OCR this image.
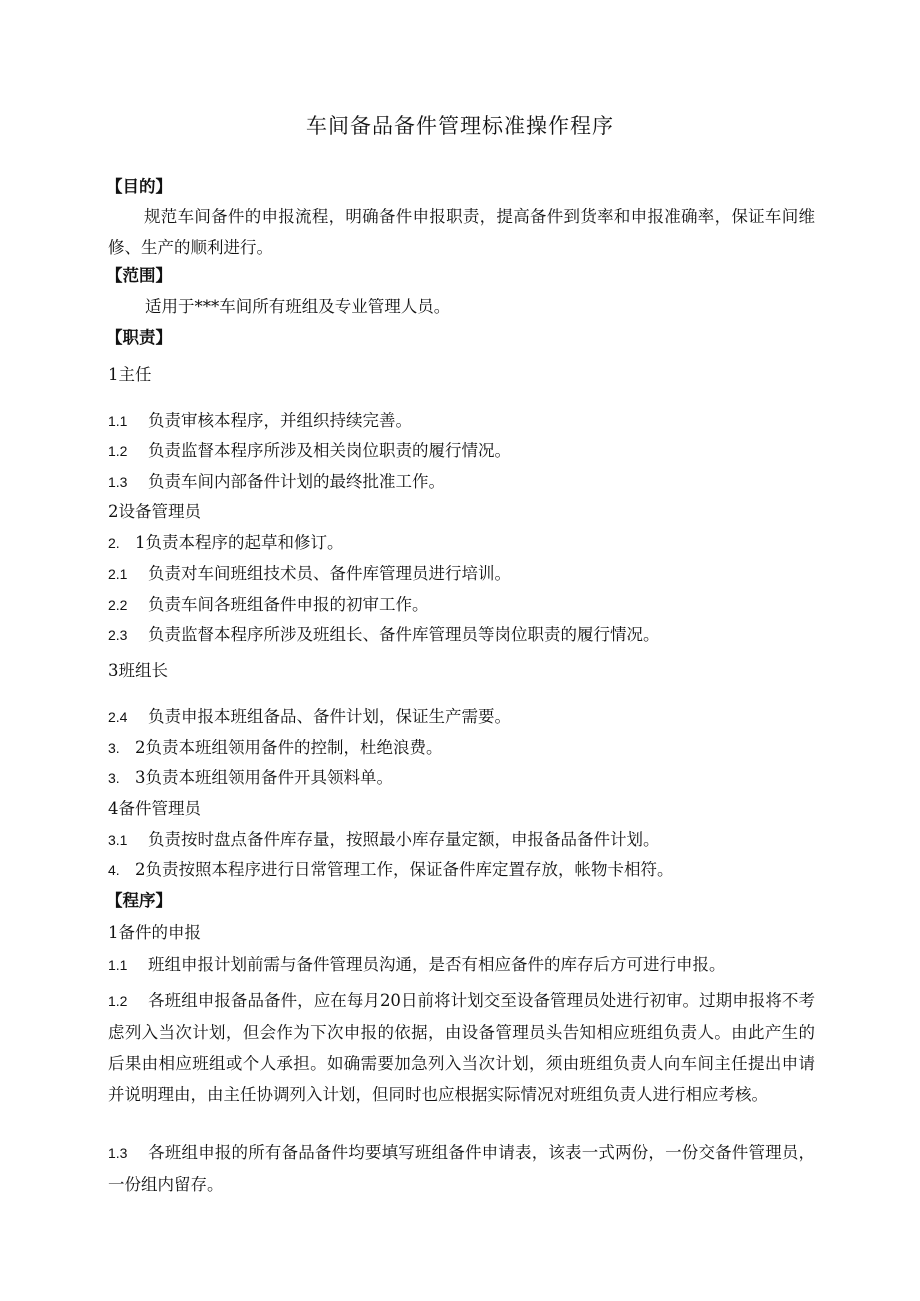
车间备品备件管理标准操作程序
【目的】
规范车间备件的申报流程，明确备件申报职责，提高备件到货率和申报准确率，保证车间维修、生产的顺利进行。
【范围】
适用于***车间所有班组及专业管理人员。
【职责】
1主任
1.1 负责审核本程序，并组织持续完善。
1.2 负责监督本程序所涉及相关岗位职责的履行情况。
1.3 负责车间内部备件计划的最终批准工作。
2设备管理员
2. 1负责本程序的起草和修订。
2.1 负责对车间班组技术员、备件库管理员进行培训。
2.2 负责车间各班组备件申报的初审工作。
2.3 负责监督本程序所涉及班组长、备件库管理员等岗位职责的履行情况。
3班组长
2.4 负责申报本班组备品、备件计划，保证生产需要。
3. 2负责本班组领用备件的控制，杜绝浪费。
3. 3负责本班组领用备件开具领料单。
4备件管理员
3.1 负责按时盘点备件库存量，按照最小库存量定额，申报备品备件计划。
4. 2负责按照本程序进行日常管理工作，保证备件库定置存放，帐物卡相符。
【程序】
1备件的申报
1.1 班组申报计划前需与备件管理员沟通，是否有相应备件的库存后方可进行申报。
1.2 各班组申报备品备件，应在每月20日前将计划交至设备管理员处进行初审。过期申报将不考虑列入当次计划，但会作为下次申报的依据，由设备管理员头告知相应班组负责人。由此产生的后果由相应班组或个人承担。如确需要加急列入当次计划，须由班组负责人向车间主任提出申请并说明理由，由主任协调列入计划，但同时也应根据实际情况对班组负责人进行相应考核。
1.3 各班组申报的所有备品备件均要填写班组备件申请表，该表一式两份，一份交备件管理员，一份组内留存。
